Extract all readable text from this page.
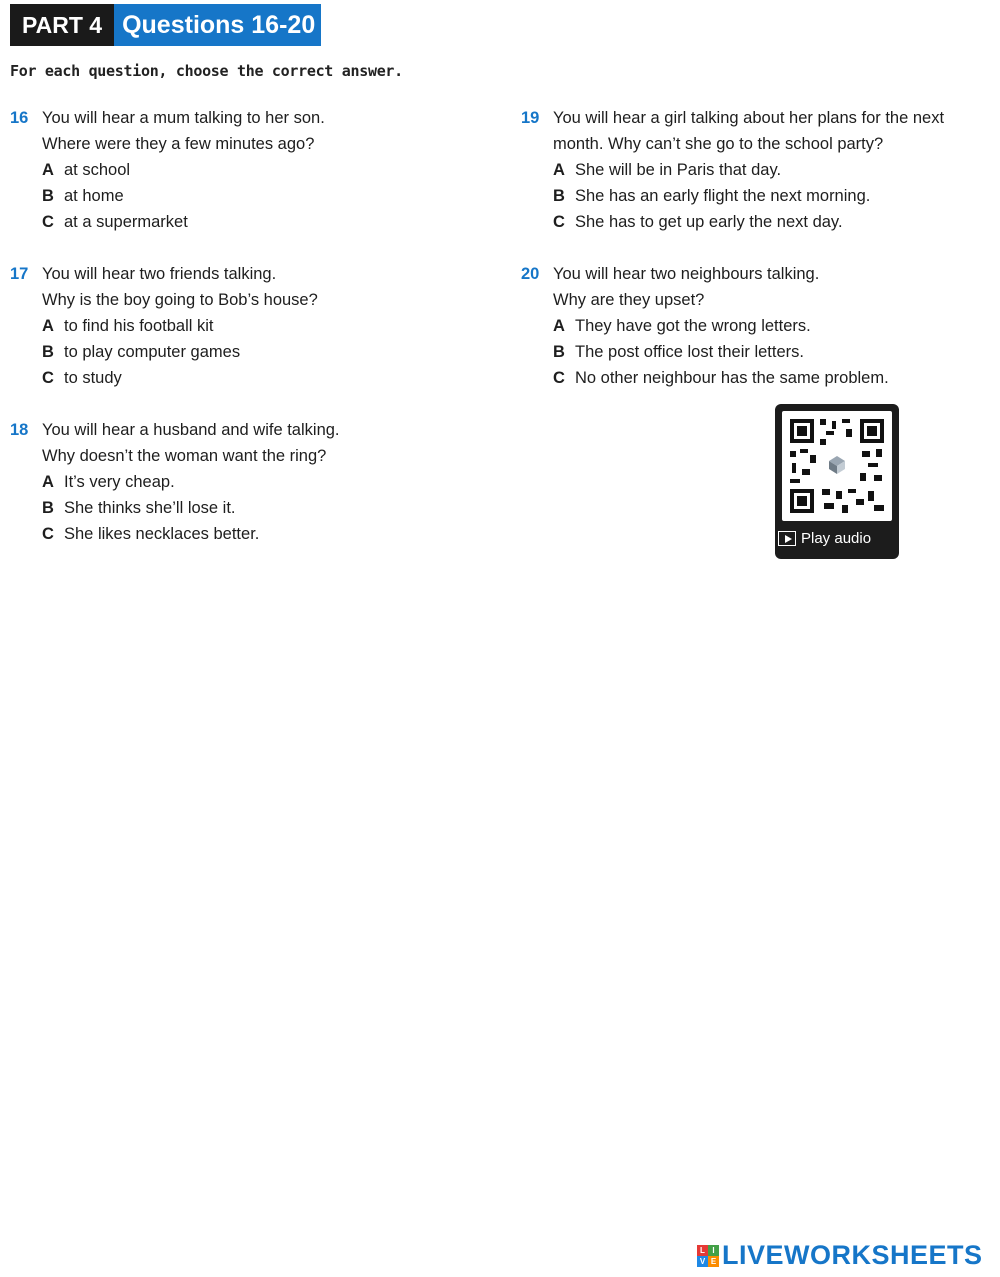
PART 4 Questions 16-20
For each question, choose the correct answer.
16 You will hear a mum talking to her son.
Where were they a few minutes ago?
A at school
B at home
C at a supermarket
17 You will hear two friends talking.
Why is the boy going to Bob’s house?
A to find his football kit
B to play computer games
C to study
18 You will hear a husband and wife talking.
Why doesn’t the woman want the ring?
A It’s very cheap.
B She thinks she’ll lose it.
C She likes necklaces better.
19 You will hear a girl talking about her plans for the next
month. Why can’t she go to the school party?
A She will be in Paris that day.
B She has an early flight the next morning.
C She has to get up early the next day.
20 You will hear two neighbours talking.
Why are they upset?
A They have got the wrong letters.
B The post office lost their letters.
C No other neighbour has the same problem.
Play audio
L I
V E LIVEWORKSHEETS
